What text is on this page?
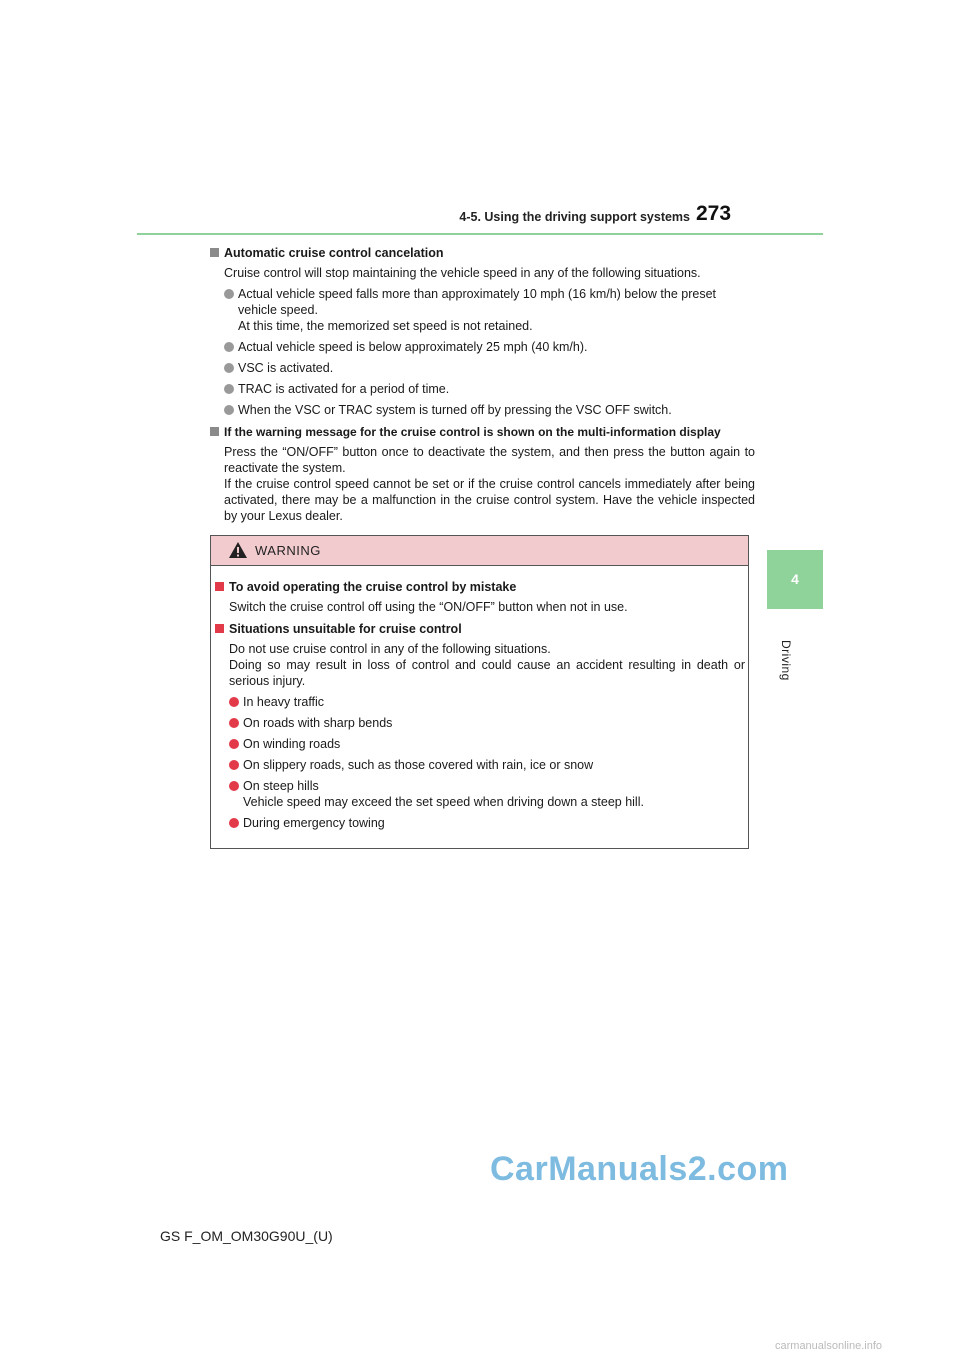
4-5. Using the driving support systems 273
4
Driving
Automatic cruise control cancelation
Cruise control will stop maintaining the vehicle speed in any of the following situations.
Actual vehicle speed falls more than approximately 10 mph (16 km/h) below the preset vehicle speed.
At this time, the memorized set speed is not retained.
Actual vehicle speed is below approximately 25 mph (40 km/h).
VSC is activated.
TRAC is activated for a period of time.
When the VSC or TRAC system is turned off by pressing the VSC OFF switch.
If the warning message for the cruise control is shown on the multi-information display
Press the “ON/OFF” button once to deactivate the system, and then press the button again to reactivate the system.
If the cruise control speed cannot be set or if the cruise control cancels immediately after being activated, there may be a malfunction in the cruise control system. Have the vehicle inspected by your Lexus dealer.
WARNING
To avoid operating the cruise control by mistake
Switch the cruise control off using the “ON/OFF” button when not in use.
Situations unsuitable for cruise control
Do not use cruise control in any of the following situations.
Doing so may result in loss of control and could cause an accident resulting in death or serious injury.
In heavy traffic
On roads with sharp bends
On winding roads
On slippery roads, such as those covered with rain, ice or snow
On steep hills
Vehicle speed may exceed the set speed when driving down a steep hill.
During emergency towing
GS F_OM_OM30G90U_(U)
CarManuals2.com
carmanualsonline.info
